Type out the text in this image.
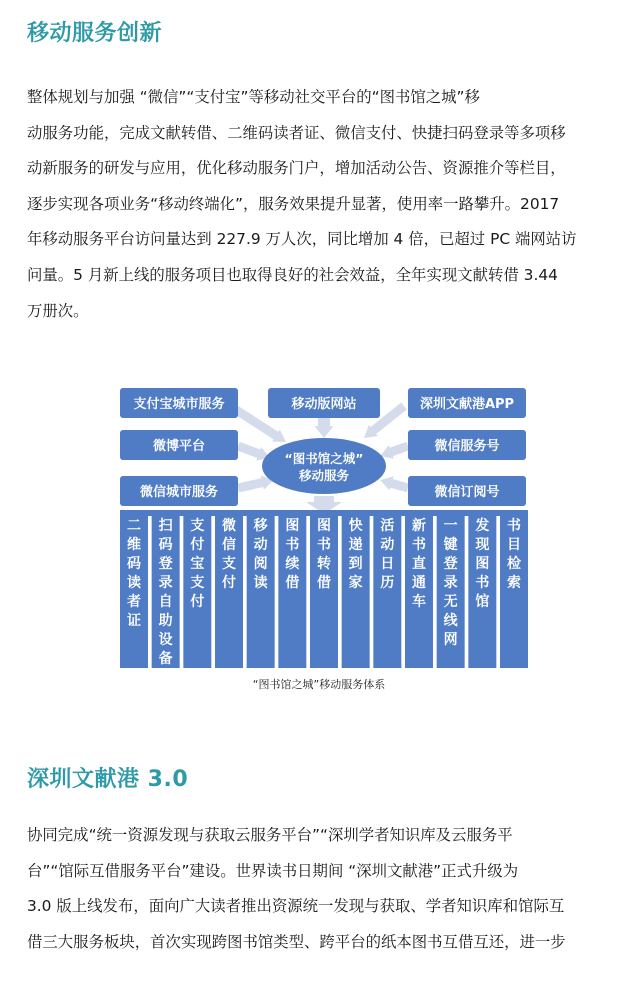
移动服务创新
整体规划与加强 “微信”“支付宝”等移动社交平台的“图书馆之城”移
动服务功能，完成文献转借、二维码读者证、微信支付、快捷扫码登录等多项移
动新服务的研发与应用，优化移动服务门户，增加活动公告、资源推介等栏目，
逐步实现各项业务“移动终端化”，服务效果提升显著，使用率一路攀升。2017
年移动服务平台访问量达到 227.9 万人次，同比增加 4 倍，已超过 PC 端网站访
问量。5 月新上线的服务项目也取得良好的社会效益，全年实现文献转借 3.44
万册次。
支付宝城市服务
微博平台
微信城市服务
移动版网站	深圳文献港APP
微信服务号
微信订阅号
“图书馆之城”
移动服务
二
维
码
读
者
证
扫
码
登
录
自
助
设
备
支
付
宝
支
付
微
信
支
付
移
动
阅
读
图
书
续
借
图
书
转
借
快
递
到
家
活
动
日
历
新
书
直
通
车
一
键
登
录
无
线
网
发
现
图
书
馆
书
目
检
索
“图书馆之城”移动服务体系
深圳文献港 3.0
协同完成“统一资源发现与获取云服务平台”“深圳学者知识库及云服务平
台”“馆际互借服务平台”建设。世界读书日期间 “深圳文献港”正式升级为
3.0 版上线发布，面向广大读者推出资源统一发现与获取、学者知识库和馆际互
借三大服务板块，首次实现跨图书馆类型、跨平台的纸本图书互借互还，进一步
